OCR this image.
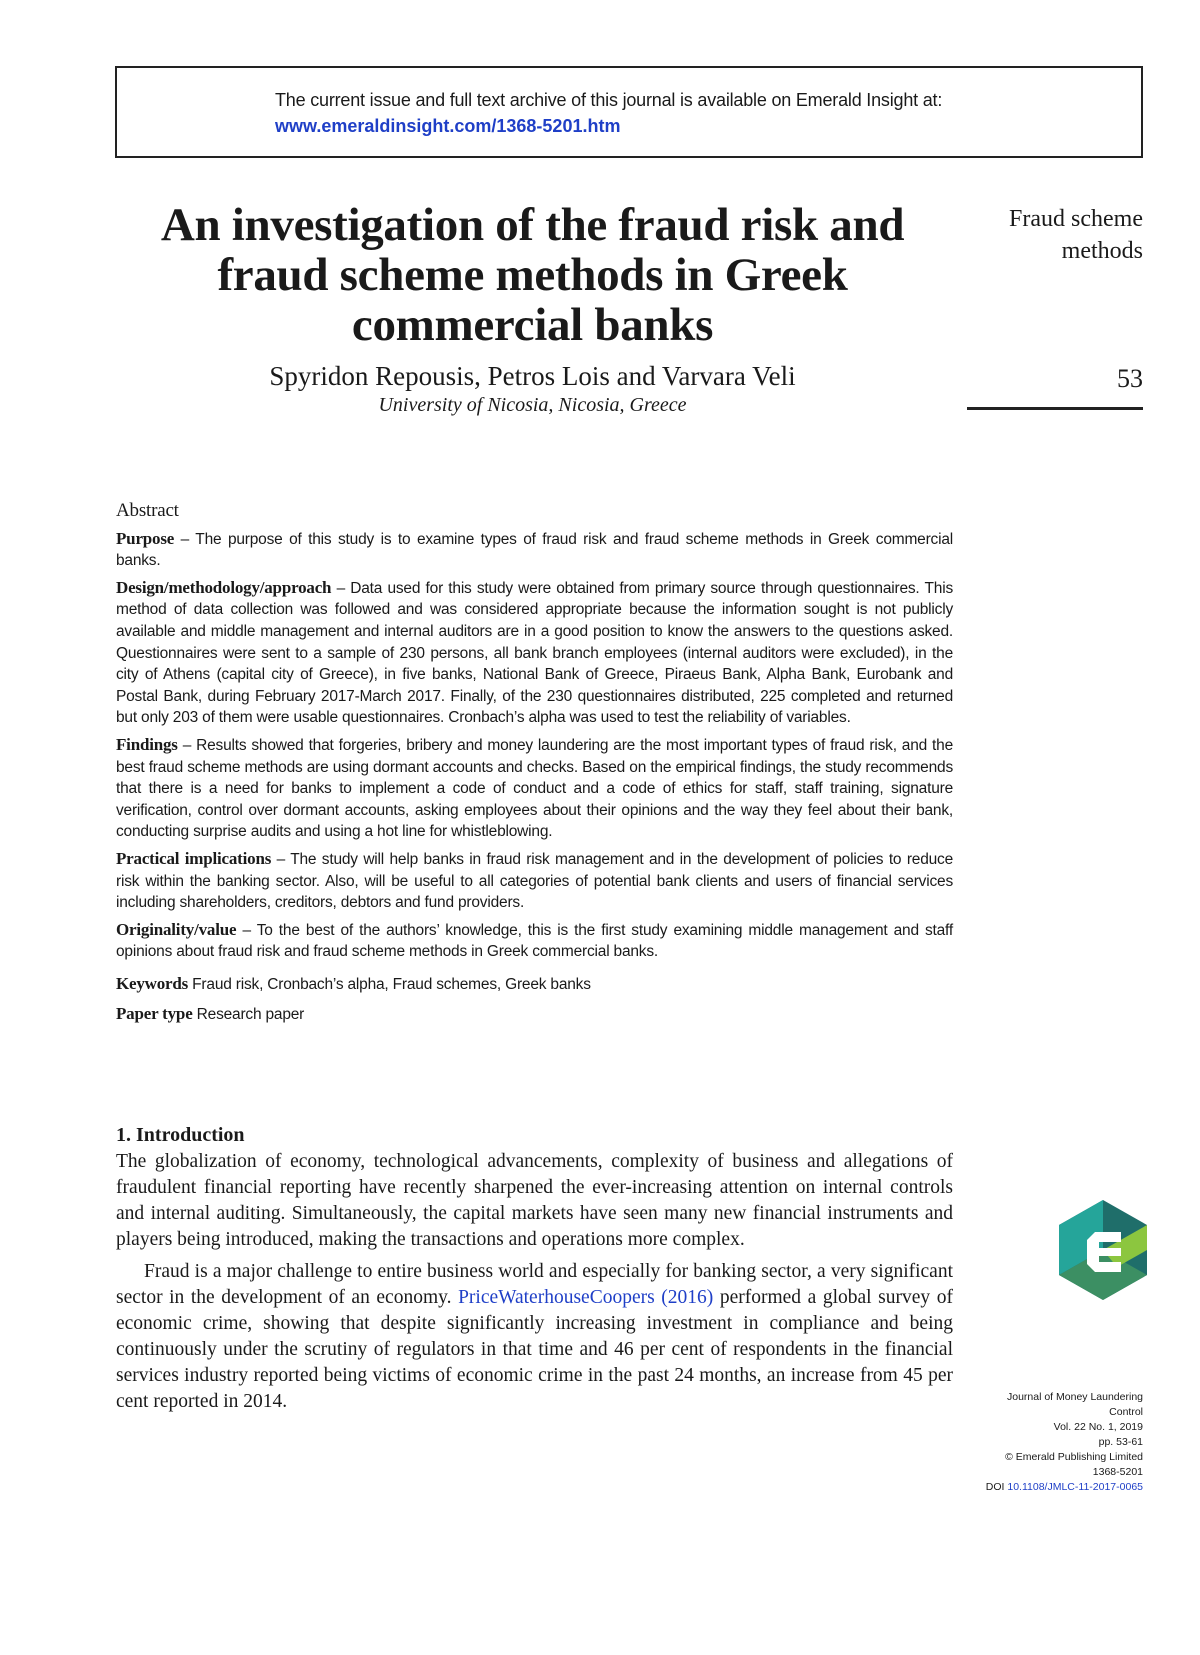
The current issue and full text archive of this journal is available on Emerald Insight at:
www.emeraldinsight.com/1368-5201.htm
An investigation of the fraud risk and fraud scheme methods in Greek commercial banks
Spyridon Repousis, Petros Lois and Varvara Veli
University of Nicosia, Nicosia, Greece
Fraud scheme
methods
53
Abstract

Purpose – The purpose of this study is to examine types of fraud risk and fraud scheme methods in Greek commercial banks.

Design/methodology/approach – Data used for this study were obtained from primary source through questionnaires. This method of data collection was followed and was considered appropriate because the information sought is not publicly available and middle management and internal auditors are in a good position to know the answers to the questions asked. Questionnaires were sent to a sample of 230 persons, all bank branch employees (internal auditors were excluded), in the city of Athens (capital city of Greece), in five banks, National Bank of Greece, Piraeus Bank, Alpha Bank, Eurobank and Postal Bank, during February 2017-March 2017. Finally, of the 230 questionnaires distributed, 225 completed and returned but only 203 of them were usable questionnaires. Cronbach’s alpha was used to test the reliability of variables.

Findings – Results showed that forgeries, bribery and money laundering are the most important types of fraud risk, and the best fraud scheme methods are using dormant accounts and checks. Based on the empirical findings, the study recommends that there is a need for banks to implement a code of conduct and a code of ethics for staff, staff training, signature verification, control over dormant accounts, asking employees about their opinions and the way they feel about their bank, conducting surprise audits and using a hot line for whistleblowing.

Practical implications – The study will help banks in fraud risk management and in the development of policies to reduce risk within the banking sector. Also, will be useful to all categories of potential bank clients and users of financial services including shareholders, creditors, debtors and fund providers.

Originality/value – To the best of the authors’ knowledge, this is the first study examining middle management and staff opinions about fraud risk and fraud scheme methods in Greek commercial banks.

Keywords Fraud risk, Cronbach’s alpha, Fraud schemes, Greek banks

Paper type Research paper

1. Introduction

The globalization of economy, technological advancements, complexity of business and allegations of fraudulent financial reporting have recently sharpened the ever-increasing attention on internal controls and internal auditing. Simultaneously, the capital markets have seen many new financial instruments and players being introduced, making the transactions and operations more complex.

Fraud is a major challenge to entire business world and especially for banking sector, a very significant sector in the development of an economy. PriceWaterhouseCoopers (2016) performed a global survey of economic crime, showing that despite significantly increasing investment in compliance and being continuously under the scrutiny of regulators in that time and 46 per cent of respondents in the financial services industry reported being victims of economic crime in the past 24 months, an increase from 45 per cent reported in 2014.	Journal of Money Laundering
Control
Vol. 22 No. 1, 2019
pp. 53-61
© Emerald Publishing Limited
1368-5201
DOI 10.1108/JMLC-11-2017-0065
